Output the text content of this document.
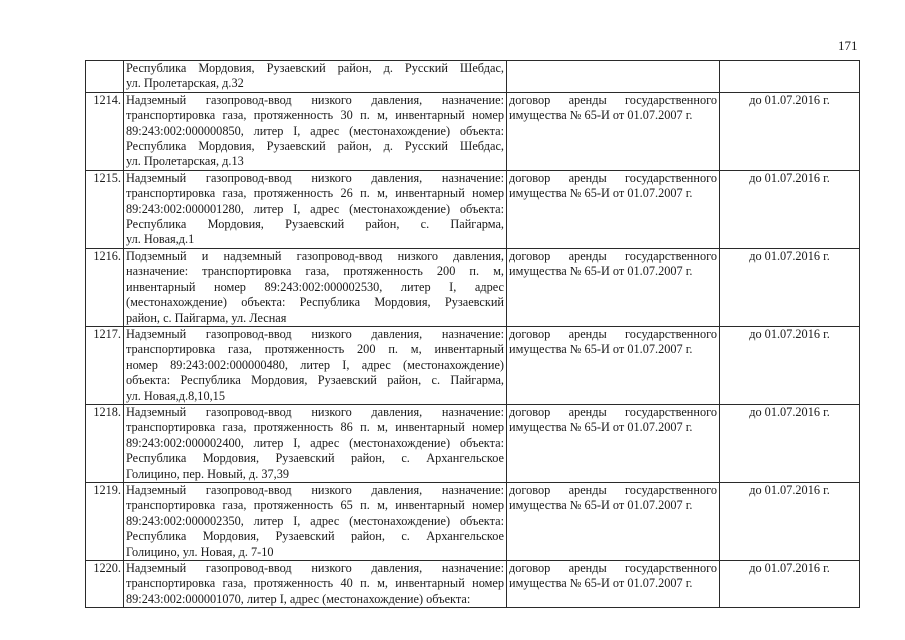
171

	Республика Мордовия, Рузаевский район, д. Русский Шебдас,
ул. Пролетарская, д.32		

1214.	Надземный газопровод-ввод низкого давления, назначение:
транспортировка газа, протяженность 30 п. м, инвентарный номер
89:243:002:000000850, литер I, адрес (местонахождение) объекта:
Республика Мордовия, Рузаевский район, д. Русский Шебдас,
ул. Пролетарская, д.13	договор аренды государственного
имущества № 65-И от 01.07.2007 г.	до 01.07.2016 г.
1215.	Надземный газопровод-ввод низкого давления, назначение:
транспортировка газа, протяженность 26 п. м, инвентарный номер
89:243:002:000001280, литер I, адрес (местонахождение) объекта:
Республика Мордовия, Рузаевский район, с. Пайгарма,
ул. Новая,д.1	договор аренды государственного
имущества № 65-И от 01.07.2007 г.	до 01.07.2016 г.
1216.	Подземный и надземный газопровод-ввод низкого давления,
назначение: транспортировка газа, протяженность 200 п. м,
инвентарный номер 89:243:002:000002530, литер I, адрес
(местонахождение) объекта: Республика Мордовия, Рузаевский
район, с. Пайгарма, ул. Лесная	договор аренды государственного
имущества № 65-И от 01.07.2007 г.	до 01.07.2016 г.
1217.	Надземный газопровод-ввод низкого давления, назначение:
транспортировка газа, протяженность 200 п. м, инвентарный
номер 89:243:002:000000480, литер I, адрес (местонахождение)
объекта: Республика Мордовия, Рузаевский район, с. Пайгарма,
ул. Новая,д.8,10,15	договор аренды государственного
имущества № 65-И от 01.07.2007 г.	до 01.07.2016 г.
1218.	Надземный газопровод-ввод низкого давления, назначение:
транспортировка газа, протяженность 86 п. м, инвентарный номер
89:243:002:000002400, литер I, адрес (местонахождение) объекта:
Республика Мордовия, Рузаевский район, с. Архангельское
Голицино, пер. Новый, д. 37,39	договор аренды государственного
имущества № 65-И от 01.07.2007 г.	до 01.07.2016 г.
1219.	Надземный газопровод-ввод низкого давления, назначение:
транспортировка газа, протяженность 65 п. м, инвентарный номер
89:243:002:000002350, литер I, адрес (местонахождение) объекта:
Республика Мордовия, Рузаевский район, с. Архангельское
Голицино, ул. Новая, д. 7-10	договор аренды государственного
имущества № 65-И от 01.07.2007 г.	до 01.07.2016 г.
1220.	Надземный газопровод-ввод низкого давления, назначение:
транспортировка газа, протяженность 40 п. м, инвентарный номер
89:243:002:000001070, литер I, адрес (местонахождение) объекта:	договор аренды государственного
имущества № 65-И от 01.07.2007 г.	до 01.07.2016 г.
